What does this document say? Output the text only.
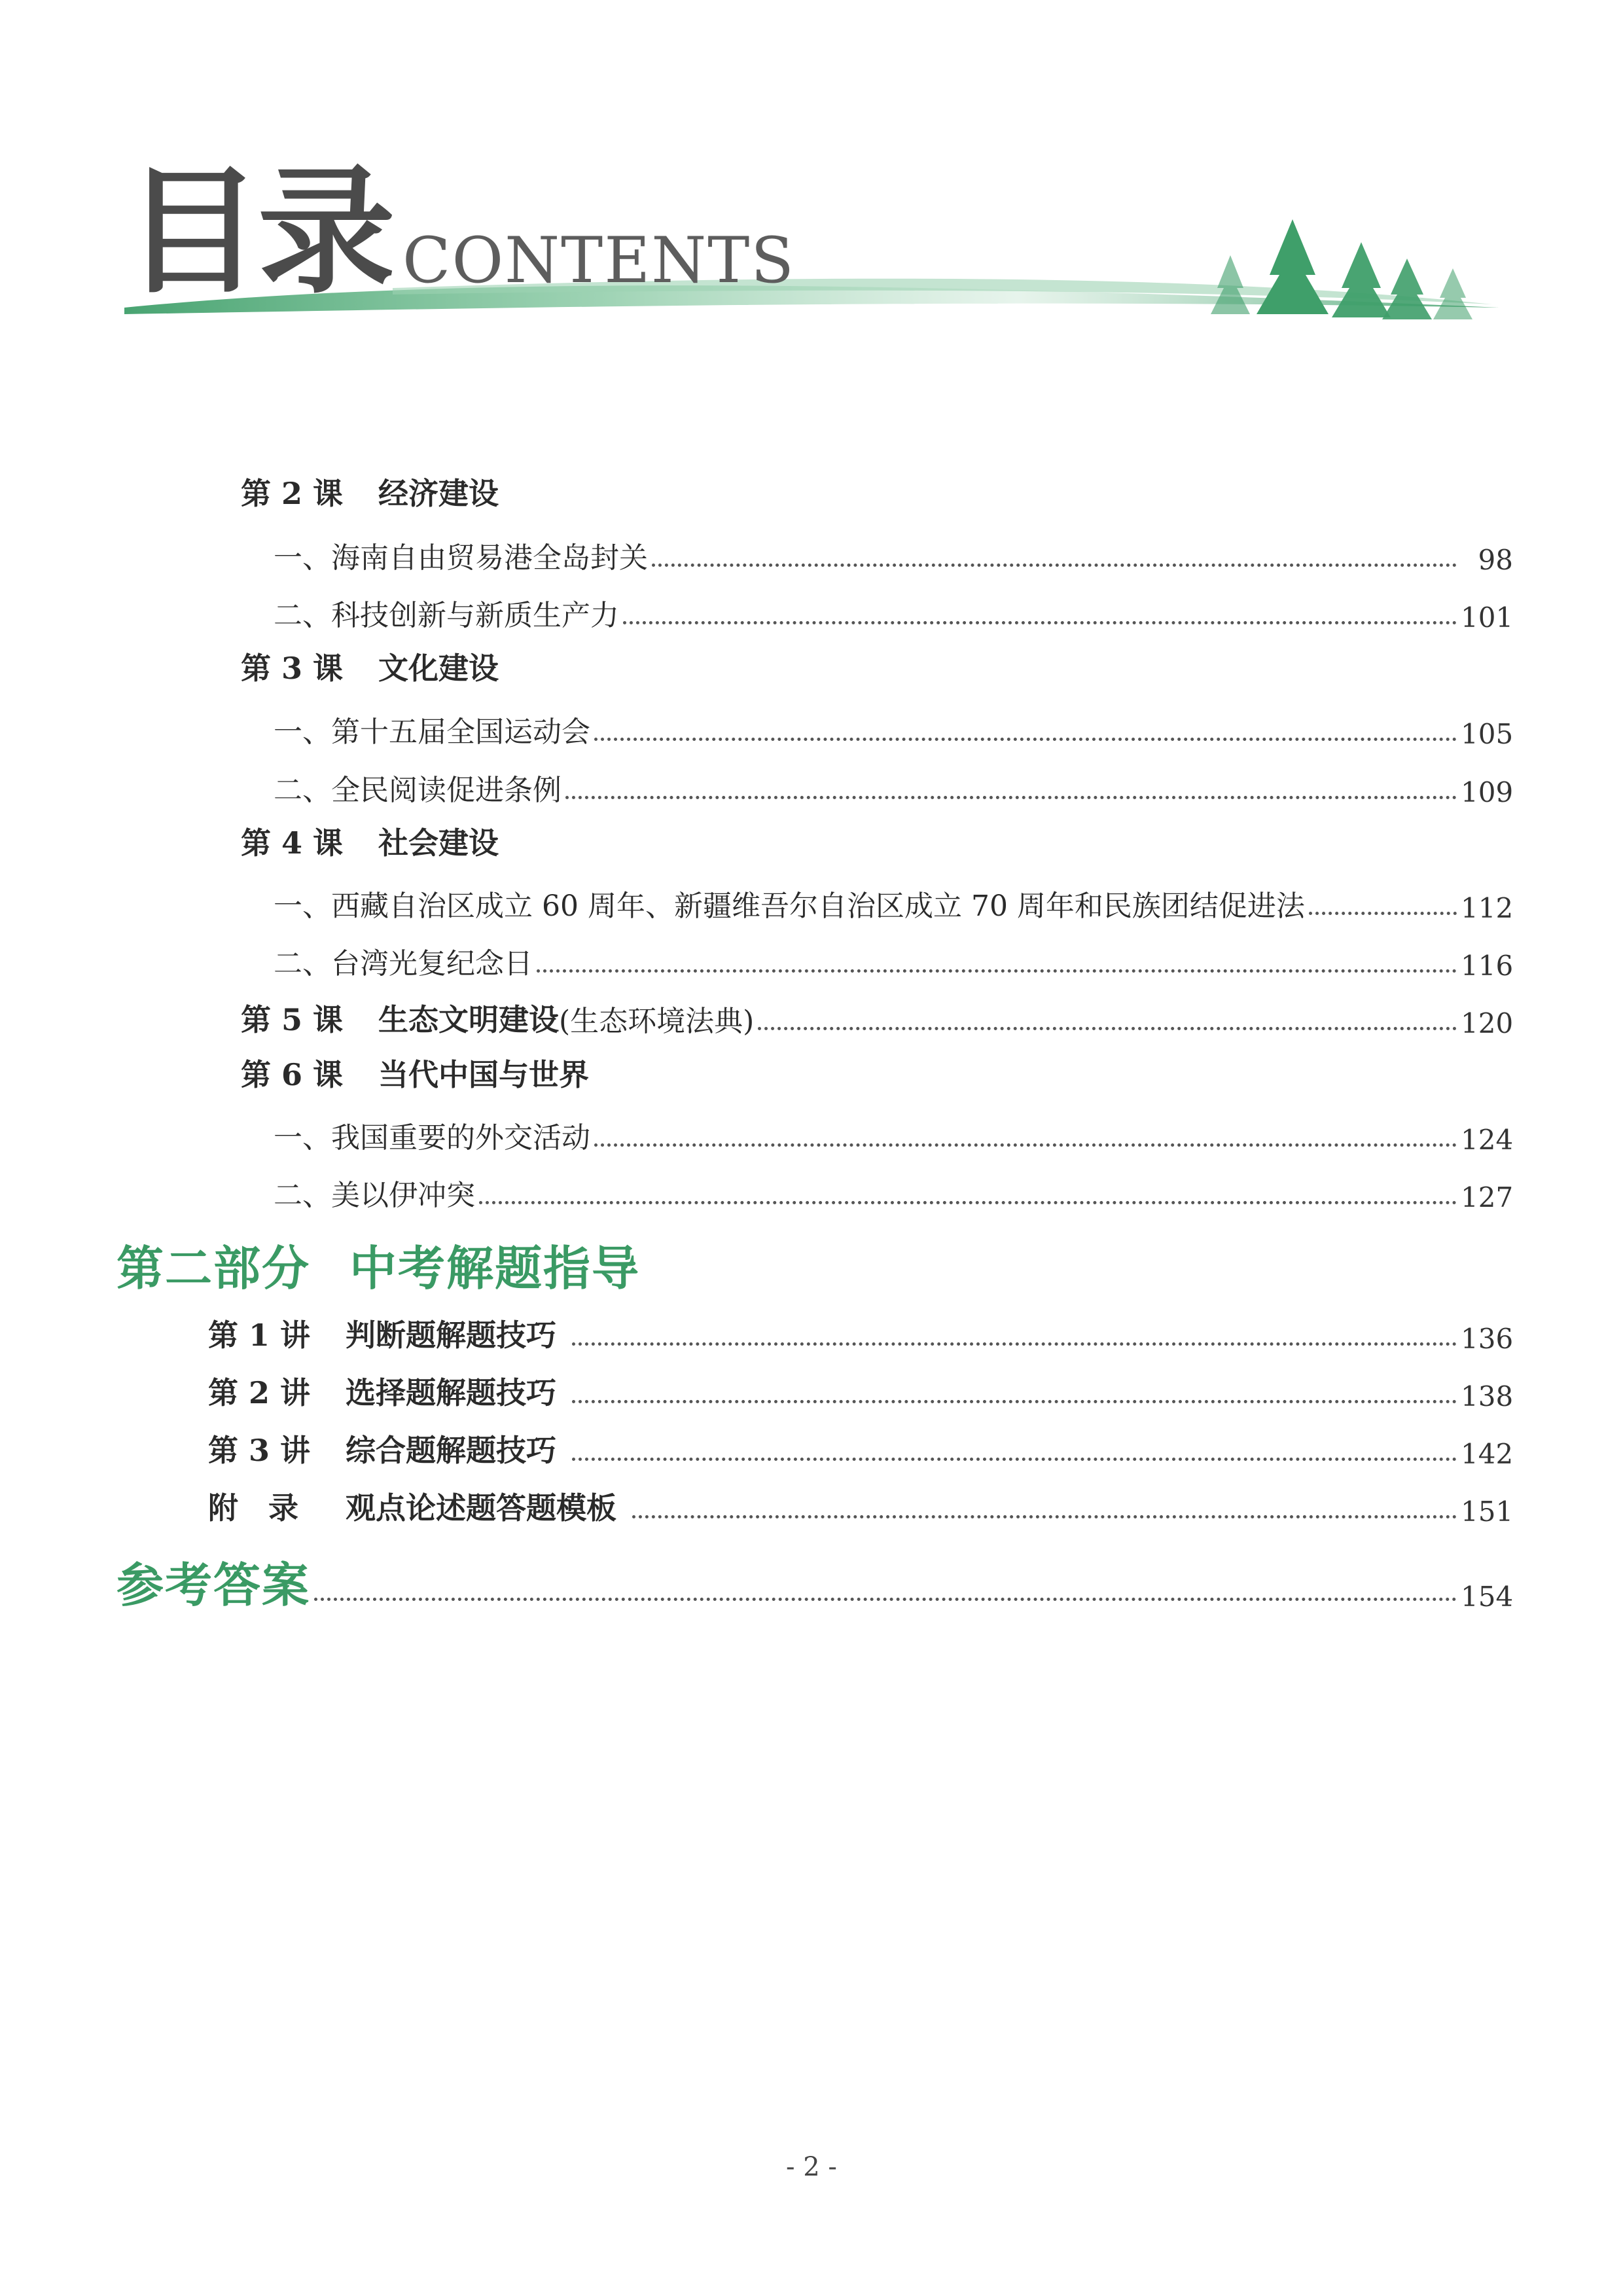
目录 CONTENTS
第 2 课	经济建设
一、海南自由贸易港全岛封关	98
二、科技创新与新质生产力	101
第 3 课	文化建设
一、第十五届全国运动会	105
二、全民阅读促进条例	109
第 4 课	社会建设
一、西藏自治区成立 60 周年、新疆维吾尔自治区成立 70 周年和民族团结促进法	112
二、台湾光复纪念日	116
第 5 课	生态文明建设 (生态环境法典)	120
第 6 课	当代中国与世界
一、我国重要的外交活动	124
二、美以伊冲突	127
第二部分 中考解题指导
第 1 讲	判断题解题技巧	136
第 2 讲	选择题解题技巧	138
第 3 讲	综合题解题技巧	142
附　录	观点论述题答题模板	151
参考答案	154
- 2 -
